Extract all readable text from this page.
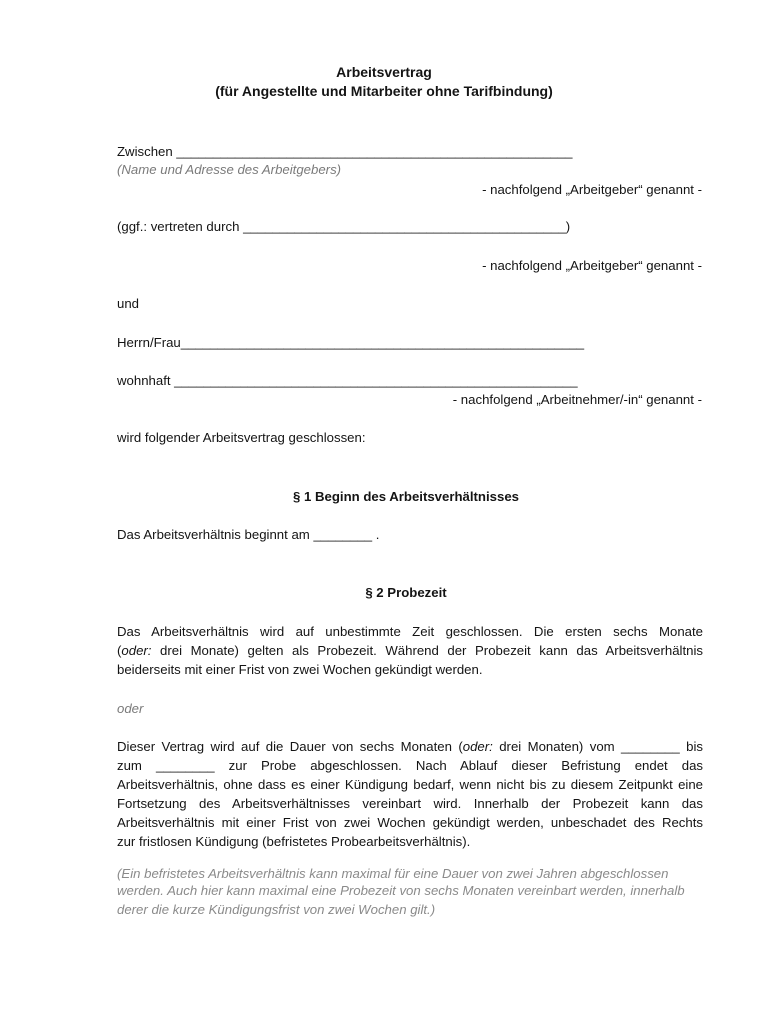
Arbeitsvertrag
(für Angestellte und Mitarbeiter ohne Tarifbindung)
Zwischen ______________________________________________________
(Name und Adresse des Arbeitgebers)
- nachfolgend „Arbeitgeber“ genannt -
(ggf.: vertreten durch ____________________________________________)
- nachfolgend „Arbeitgeber“ genannt -
und
Herrn/Frau_______________________________________________________
wohnhaft _______________________________________________________
- nachfolgend „Arbeitnehmer/-in“ genannt -
wird folgender Arbeitsvertrag geschlossen:
§ 1 Beginn des Arbeitsverhältnisses
Das Arbeitsverhältnis beginnt am ________ .
§ 2 Probezeit
Das Arbeitsverhältnis wird auf unbestimmte Zeit geschlossen. Die ersten sechs Monate
(oder: drei Monate) gelten als Probezeit. Während der Probezeit kann das Arbeitsverhältnis
beiderseits mit einer Frist von zwei Wochen gekündigt werden.
oder
Dieser Vertrag wird auf die Dauer von sechs Monaten (oder: drei Monaten) vom ________ bis
zum ________ zur Probe abgeschlossen. Nach Ablauf dieser Befristung endet das
Arbeitsverhältnis, ohne dass es einer Kündigung bedarf, wenn nicht bis zu diesem Zeitpunkt eine
Fortsetzung des Arbeitsverhältnisses vereinbart wird. Innerhalb der Probezeit kann das
Arbeitsverhältnis mit einer Frist von zwei Wochen gekündigt werden, unbeschadet des Rechts
zur fristlosen Kündigung (befristetes Probearbeitsverhältnis).
(Ein befristetes Arbeitsverhältnis kann maximal für eine Dauer von zwei Jahren abgeschlossen
werden. Auch hier kann maximal eine Probezeit von sechs Monaten vereinbart werden, innerhalb
derer die kurze Kündigungsfrist von zwei Wochen gilt.)
